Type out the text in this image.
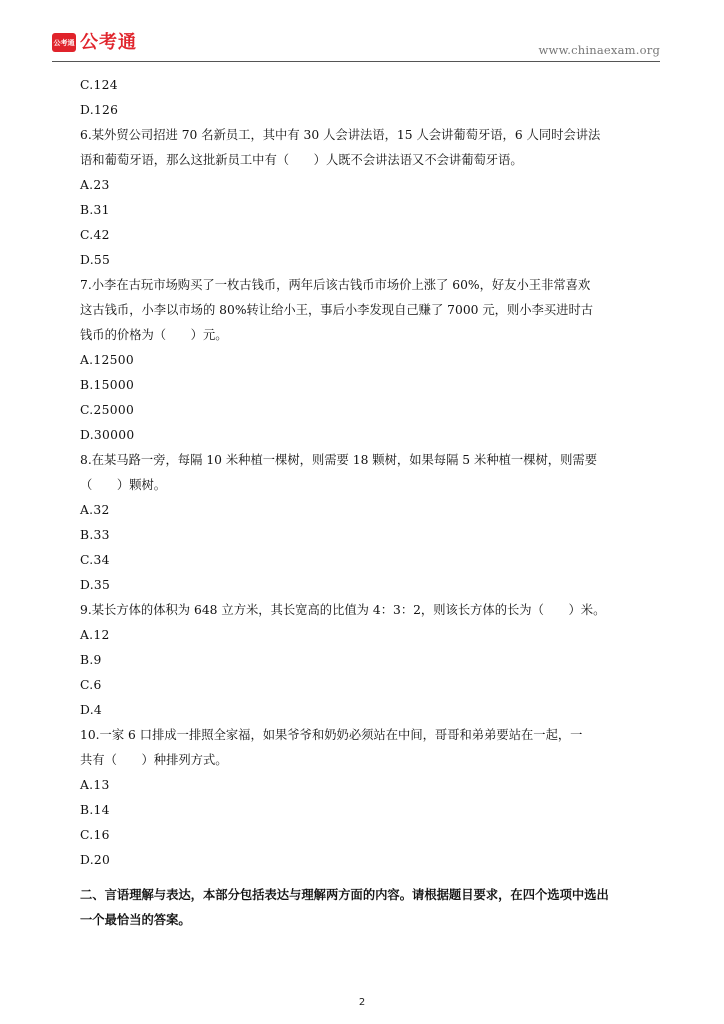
公考通 公考通	www.chinaexam.org
C.124
D.126
6.某外贸公司招进 70 名新员工，其中有 30 人会讲法语，15 人会讲葡萄牙语，6 人同时会讲法
语和葡萄牙语，那么这批新员工中有（　　）人既不会讲法语又不会讲葡萄牙语。
A.23
B.31
C.42
D.55
7.小李在古玩市场购买了一枚古钱币，两年后该古钱币市场价上涨了 60%，好友小王非常喜欢
这古钱币，小李以市场的 80%转让给小王，事后小李发现自己赚了 7000 元，则小李买进时古
钱币的价格为（　　）元。
A.12500
B.15000
C.25000
D.30000
8.在某马路一旁，每隔 10 米种植一棵树，则需要 18 颗树，如果每隔 5 米种植一棵树，则需要
（　　）颗树。
A.32
B.33
C.34
D.35
9.某长方体的体积为 648 立方米，其长宽高的比值为 4：3：2，则该长方体的长为（　　）米。
A.12
B.9
C.6
D.4
10.一家 6 口排成一排照全家福，如果爷爷和奶奶必须站在中间，哥哥和弟弟要站在一起，一
共有（　　）种排列方式。
A.13
B.14
C.16
D.20
二、言语理解与表达，本部分包括表达与理解两方面的内容。请根据题目要求，在四个选项中选出一个最恰当的答案。
2
